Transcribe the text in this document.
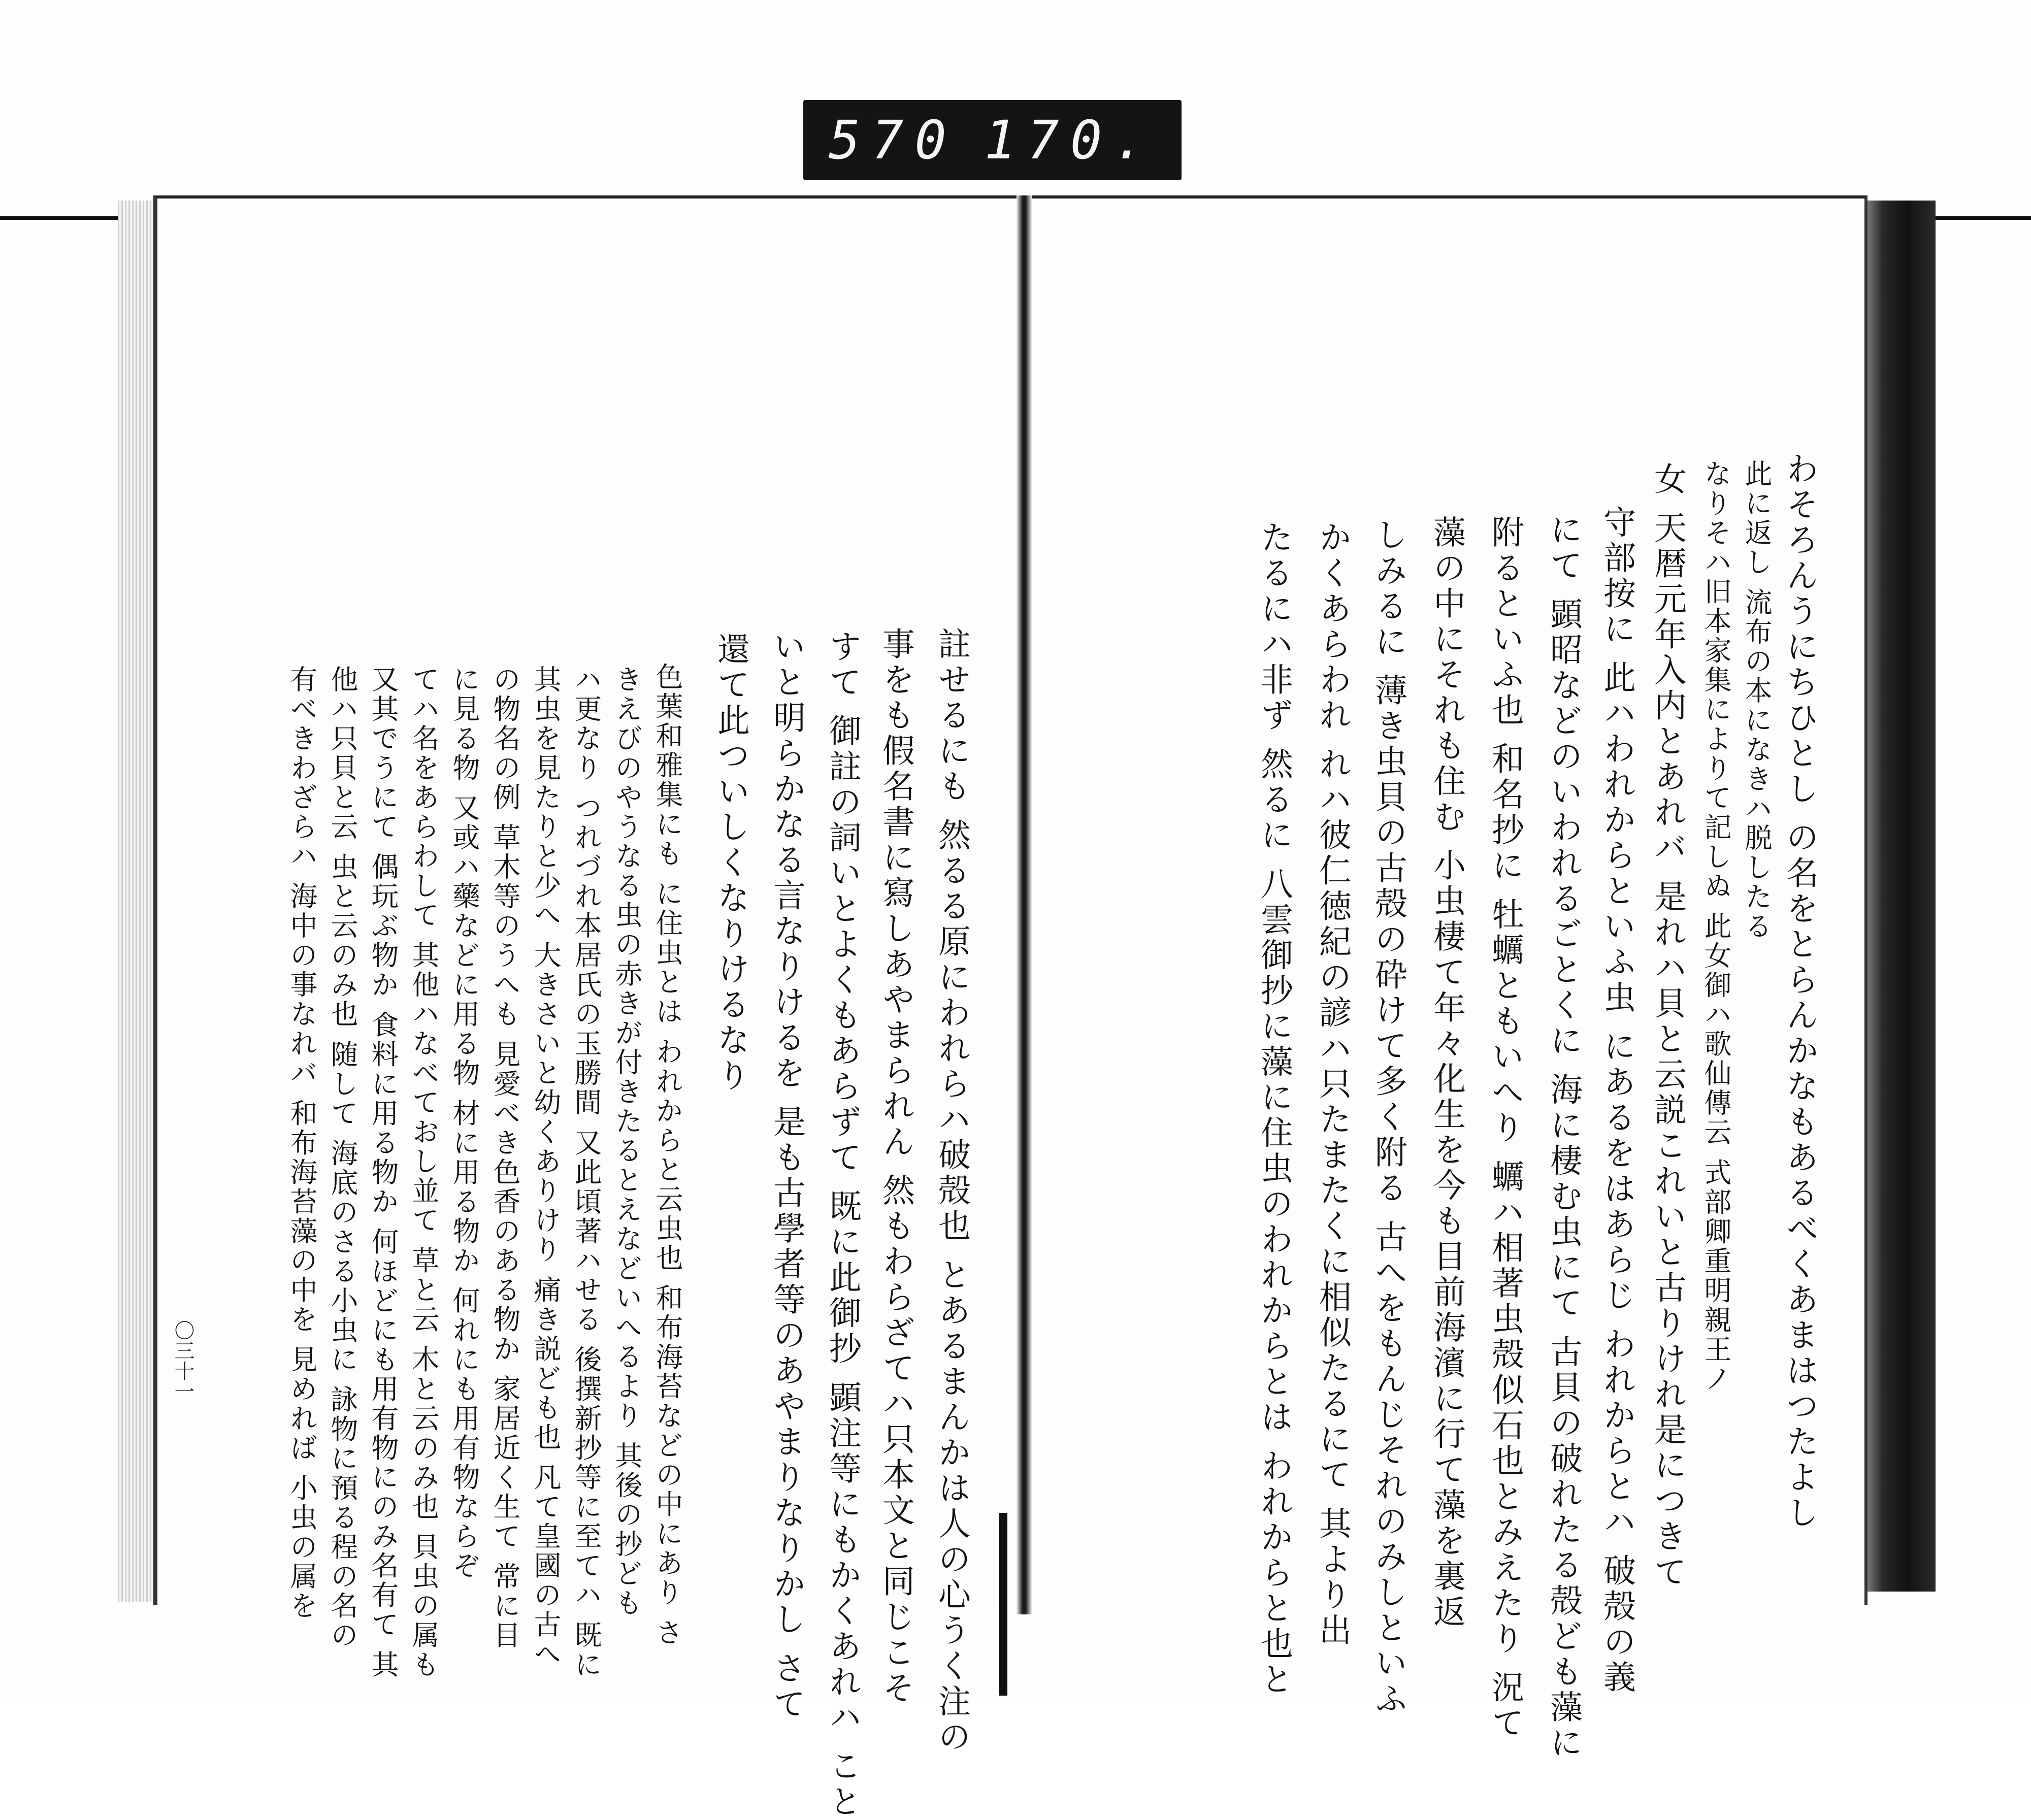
570 170.
わそろんうにちひとし の名をとらんかなもあるべくあまはつたよし
此に返し 流布の本になきハ脱したる
なりそハ旧本家集によりて記しぬ 此女御ハ歌仙傳云 式部卿重明親王ノ
女 天暦元年入内とあれバ 是れハ貝と云説これいと古りけれ是につきて
守部按に 此ハわれからといふ虫 にあるをはあらじ われからとハ 破殻の義
にて 顕昭などのいわれるごとくに 海に棲む虫にて 古貝の破れたる殻ども藻に
附るといふ也 和名抄に 牡蠣ともいへり 蠣ハ相著虫殻似石也とみえたり 況て
藻の中にそれも住む 小虫棲て年々化生を今も目前海濱に行て藻を裏返
しみるに 薄き虫貝の古殻の砕けて多く附る 古へをもんじそれのみしといふ
かくあらわれ れハ彼仁徳紀の諺ハ只たまたくに相似たるにて 其より出
たるにハ非ず 然るに 八雲御抄に藻に住虫のわれからとは われからと也と
註せるにも 然るる原にわれらハ破殻也 とあるまんかは人の心うく注の
事をも假名書に寫しあやまられん 然もわらざてハ只本文と同じこそ
すて 御註の詞いとよくもあらずて 既に此御抄 顕注等にもかくあれハ こと
いと明らかなる言なりけるを 是も古學者等のあやまりなりかし さて
還て此ついしくなりけるなり
色葉和雅集にも に住虫とは われからと云虫也 和布海苔などの中にあり さ
きえびのやうなる虫の赤きが付きたるとえなどいへるより 其後の抄ども
ハ更なり つれづれ本居氏の玉勝間 又此頃著ハせる 後撰新抄等に至てハ 既に
其虫を見たりと少へ 大きさいと幼くありけり 痛き説ども也 凡て皇國の古へ
の物名の例 草木等のうへも 見愛べき色香のある物か 家居近く生て 常に目
に見る物 又或ハ藥などに用る物 材に用る物か 何れにも用有物ならぞ
てハ名をあらわして 其他ハなべておし並て 草と云 木と云のみ也 貝虫の属も
又其でうにて 偶玩ぶ物か 食料に用る物か 何ほどにも用有物にのみ名有て 其
他ハ只貝と云 虫と云のみ也 随して 海底のさる小虫に 詠物に預る程の名の
有べきわざらハ 海中の事なれバ 和布海苔藻の中を 見めれば 小虫の属を
〇三十一
